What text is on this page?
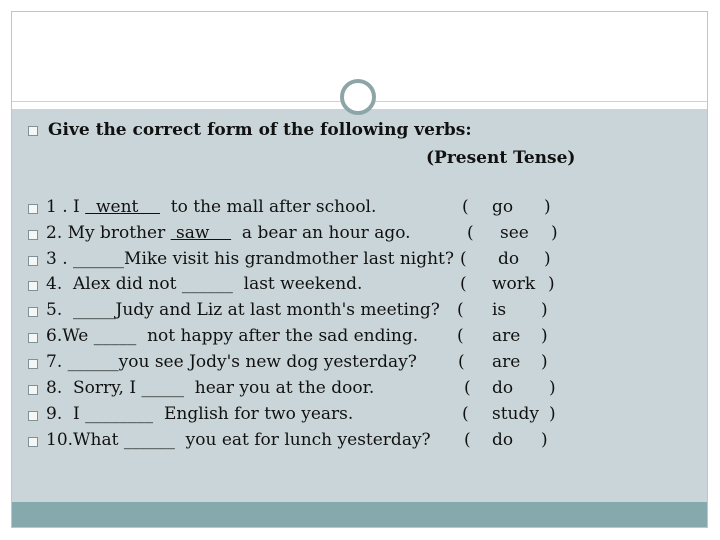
Give the correct form of the following verbs:
(Present Tense)
1 . I   went      to the mall after school.	( go )
2. My brother  saw      a bear an hour ago.	( see )
3 . ______Mike visit his grandmother last night? ( do )
4.  Alex did not ______  last weekend.	( work )
5.  _____Judy and Liz at last month's meeting? ( is )
6.We _____  not happy after the sad ending. ( are )
7. ______you see Jody's new dog yesterday? ( are )
8.  Sorry, I _____  hear you at the door.	( do )
9.  I ________  English for two years.	( study )
10.What ______  you eat for lunch yesterday? ( do )
